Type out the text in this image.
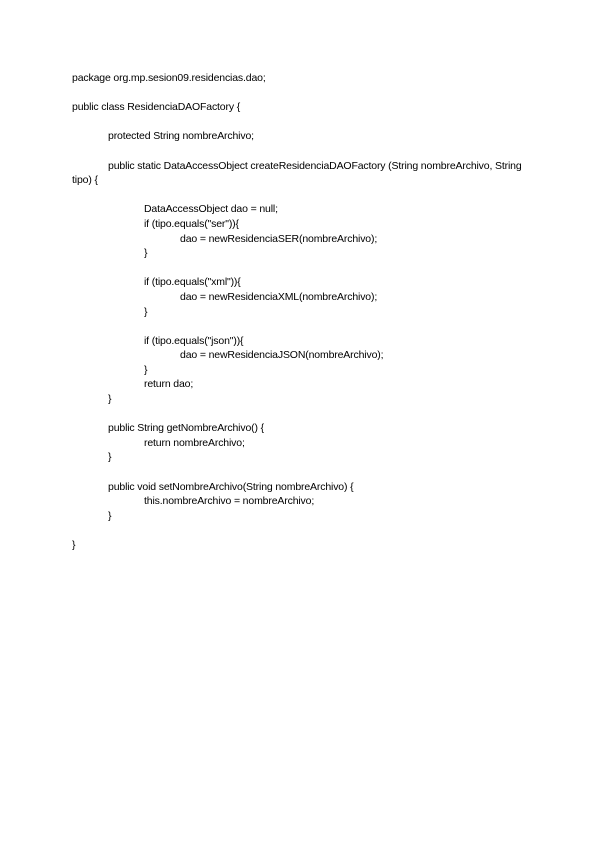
package org.mp.sesion09.residencias.dao;
public class ResidenciaDAOFactory {
protected String nombreArchivo;
public static DataAccessObject createResidenciaDAOFactory (String nombreArchivo, String tipo) {
DataAccessObject dao = null;
if (tipo.equals("ser")){
dao = newResidenciaSER(nombreArchivo);
}
if (tipo.equals("xml")){
dao = newResidenciaXML(nombreArchivo);
}
if (tipo.equals("json")){
dao = newResidenciaJSON(nombreArchivo);
}
return dao;
}
public String getNombreArchivo() {
return nombreArchivo;
}
public void setNombreArchivo(String nombreArchivo) {
this.nombreArchivo = nombreArchivo;
}
}
